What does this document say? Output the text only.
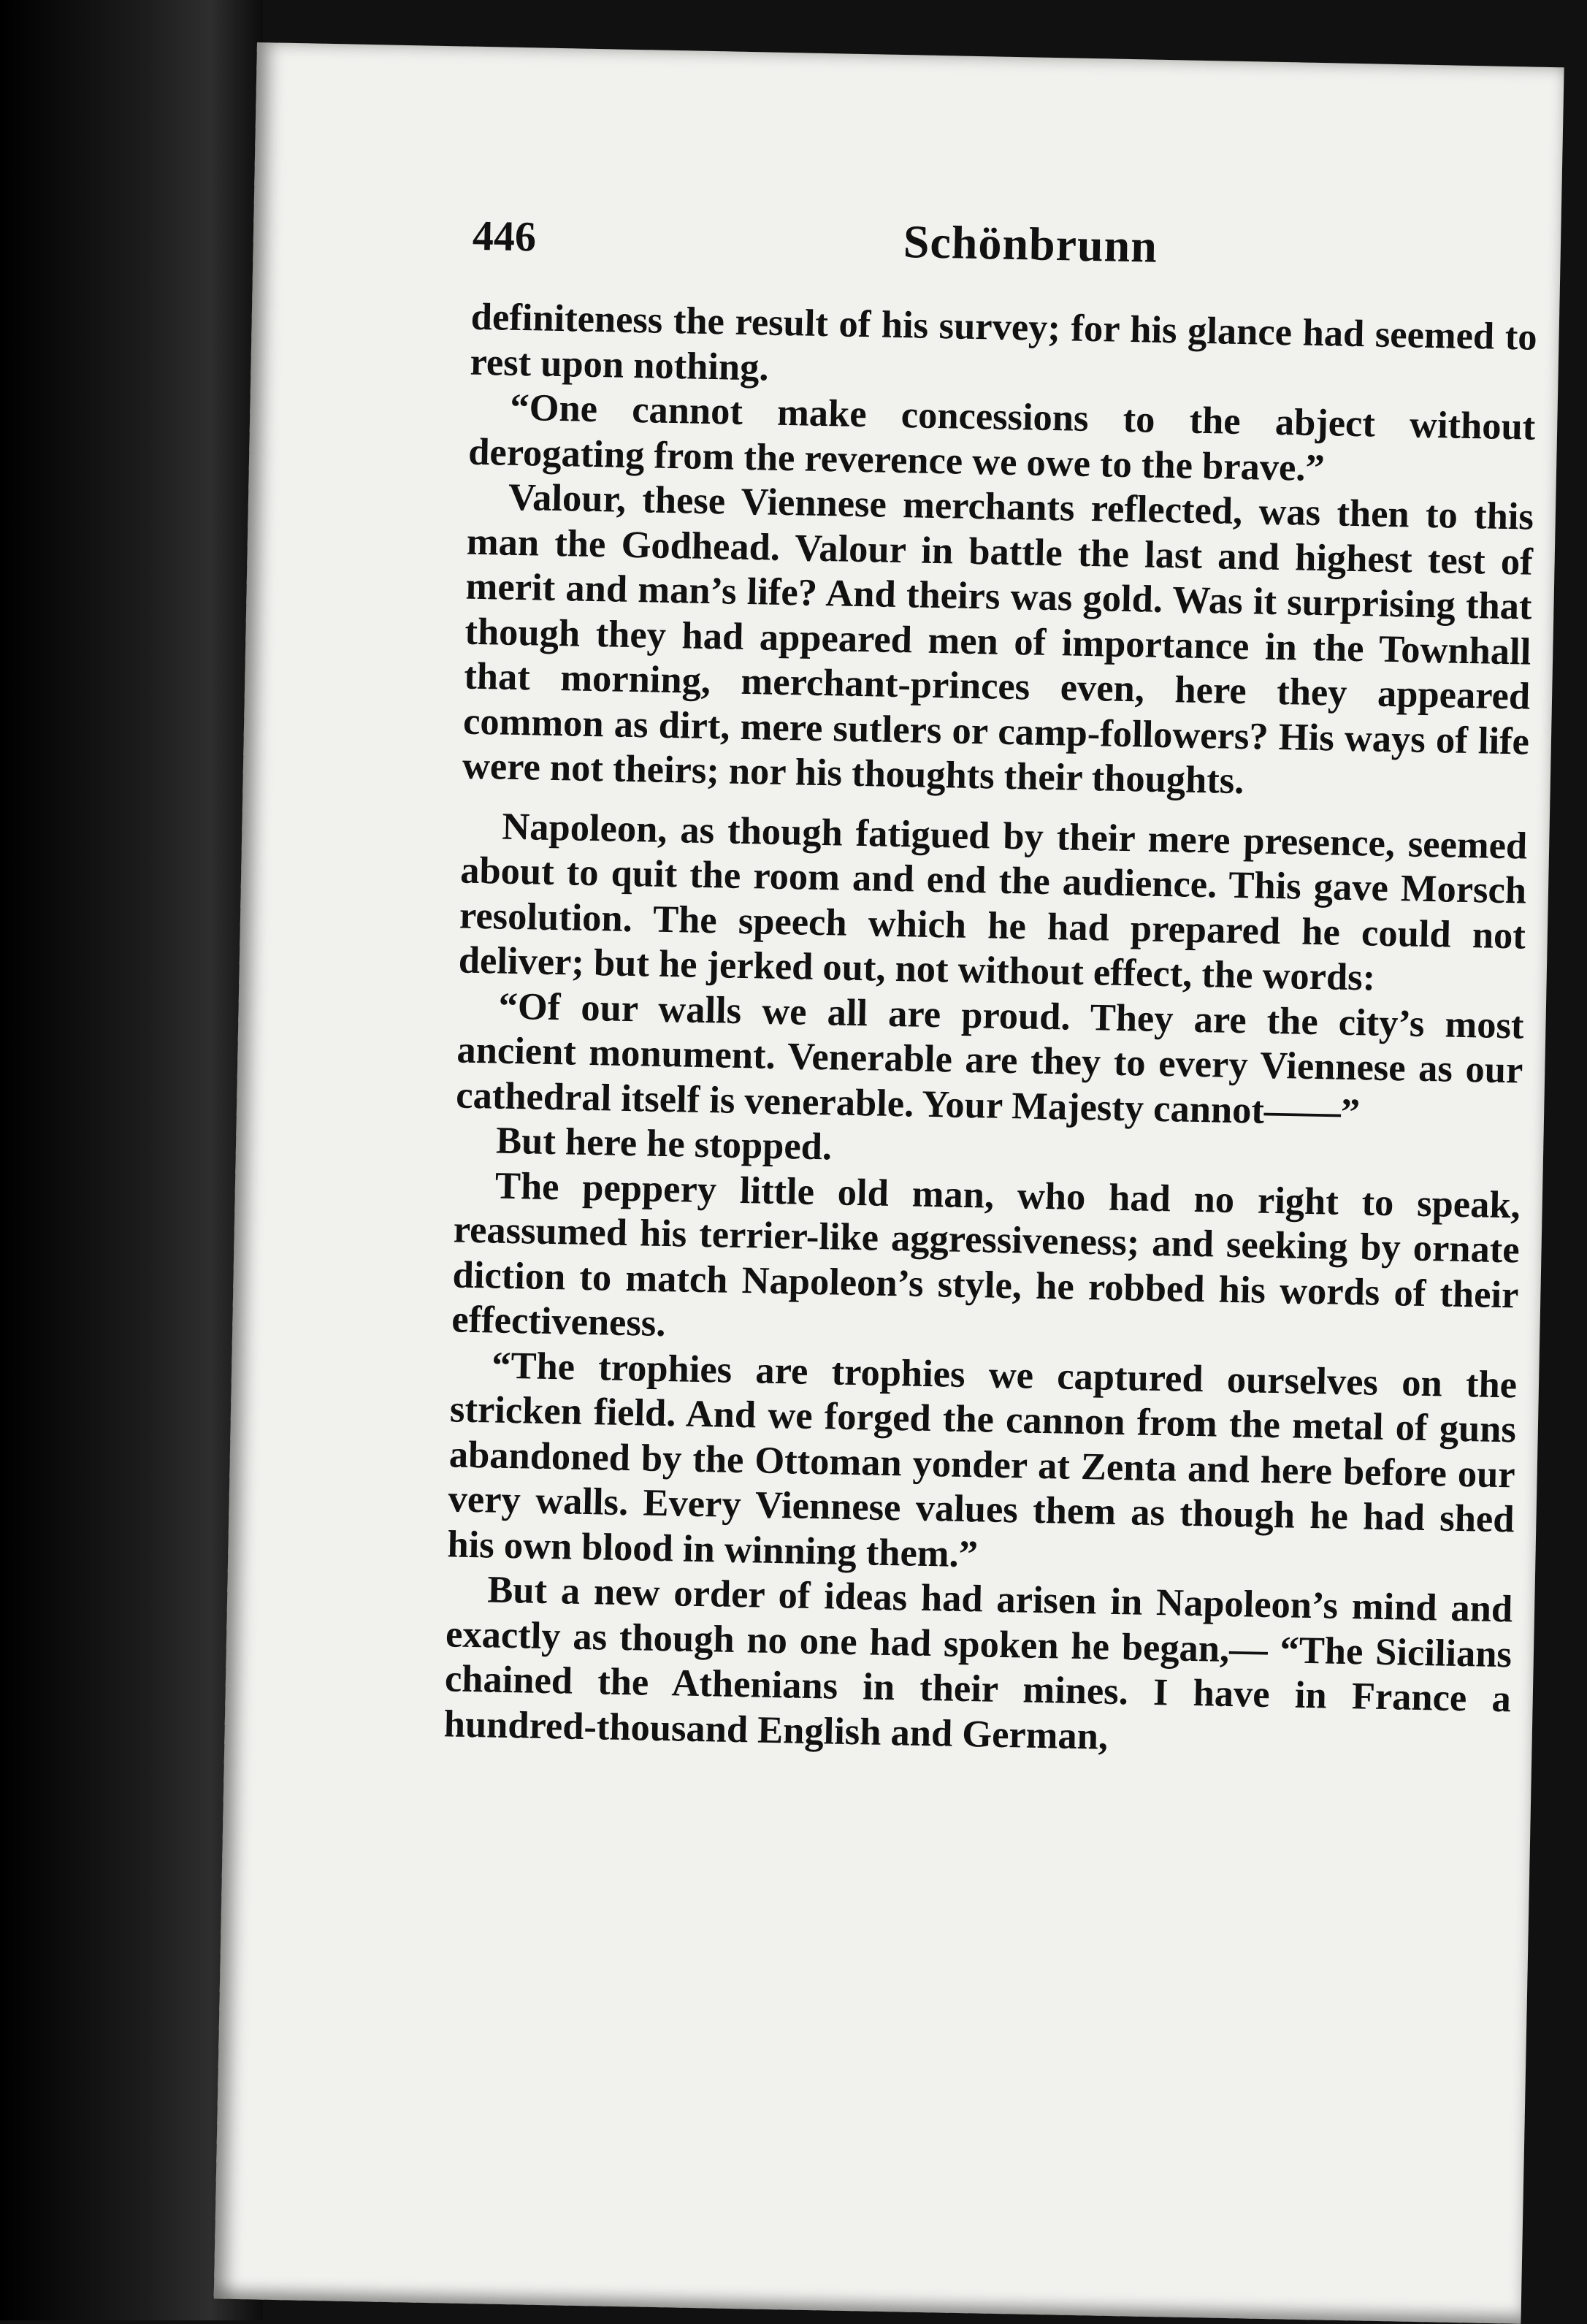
446	Schönbrunn

definiteness the result of his survey; for his glance had seemed to rest upon nothing.

“One cannot make concessions to the abject without derogating from the reverence we owe to the brave.”

Valour, these Viennese merchants reflected, was then to this man the Godhead. Valour in battle the last and highest test of merit and man’s life? And theirs was gold. Was it surprising that though they had appeared men of importance in the Townhall that morning, merchant-princes even, here they appeared common as dirt, mere sutlers or camp-followers? His ways of life were not theirs; nor his thoughts their thoughts.

Napoleon, as though fatigued by their mere presence, seemed about to quit the room and end the audience. This gave Morsch resolution. The speech which he had prepared he could not deliver; but he jerked out, not without effect, the words:

“Of our walls we all are proud. They are the city’s most ancient monument. Venerable are they to every Viennese as our cathedral itself is venerable. Your Majesty cannot——”

But here he stopped.

The peppery little old man, who had no right to speak, reassumed his terrier-like aggressiveness; and seeking by ornate diction to match Napoleon’s style, he robbed his words of their effectiveness.

“The trophies are trophies we captured ourselves on the stricken field. And we forged the cannon from the metal of guns abandoned by the Ottoman yonder at Zenta and here before our very walls. Every Viennese values them as though he had shed his own blood in winning them.”

But a new order of ideas had arisen in Napoleon’s mind and exactly as though no one had spoken he began,— “The Sicilians chained the Athenians in their mines. I have in France a hundred-thousand English and German,
